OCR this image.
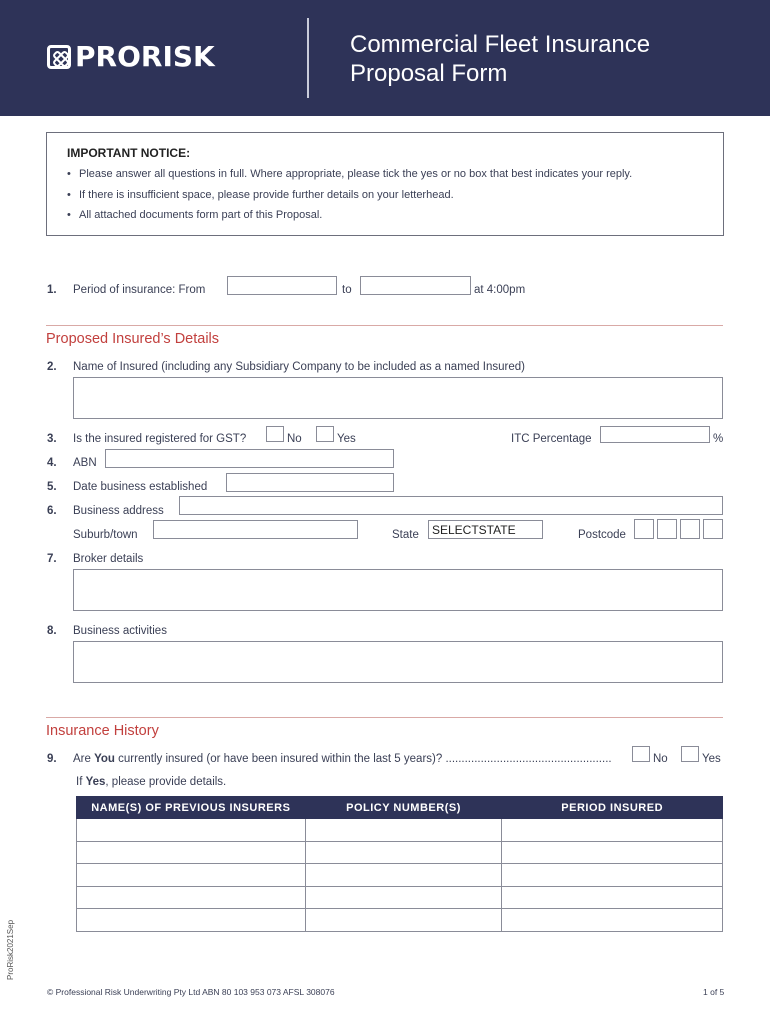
PRORISK	Commercial Fleet Insurance
Proposal Form
IMPORTANT NOTICE:
• Please answer all questions in full. Where appropriate, please tick the yes or no box that best indicates your reply.
• If there is insufficient space, please provide further details on your letterhead.
• All attached documents form part of this Proposal.
1. Period of insurance: From	to	at 4:00pm
Proposed Insured’s Details
2. Name of Insured (including any Subsidiary Company to be included as a named Insured)
3. Is the insured registered for GST?	No	Yes	ITC Percentage	%
4. ABN
5. Date business established
6. Business address
Suburb/town	State	SELECTSTATE	Postcode
7. Broker details
8. Business activities
Insurance History
9. Are You currently insured (or have been insured within the last 5 years)? ....................................................	No	Yes
If Yes, please provide details.
NAME(S) OF PREVIOUS INSURERS	POLICY NUMBER(S)	PERIOD INSURED

ProRisk2021Sep
© Professional Risk Underwriting Pty Ltd ABN 80 103 953 073 AFSL 308076	1 of 5
